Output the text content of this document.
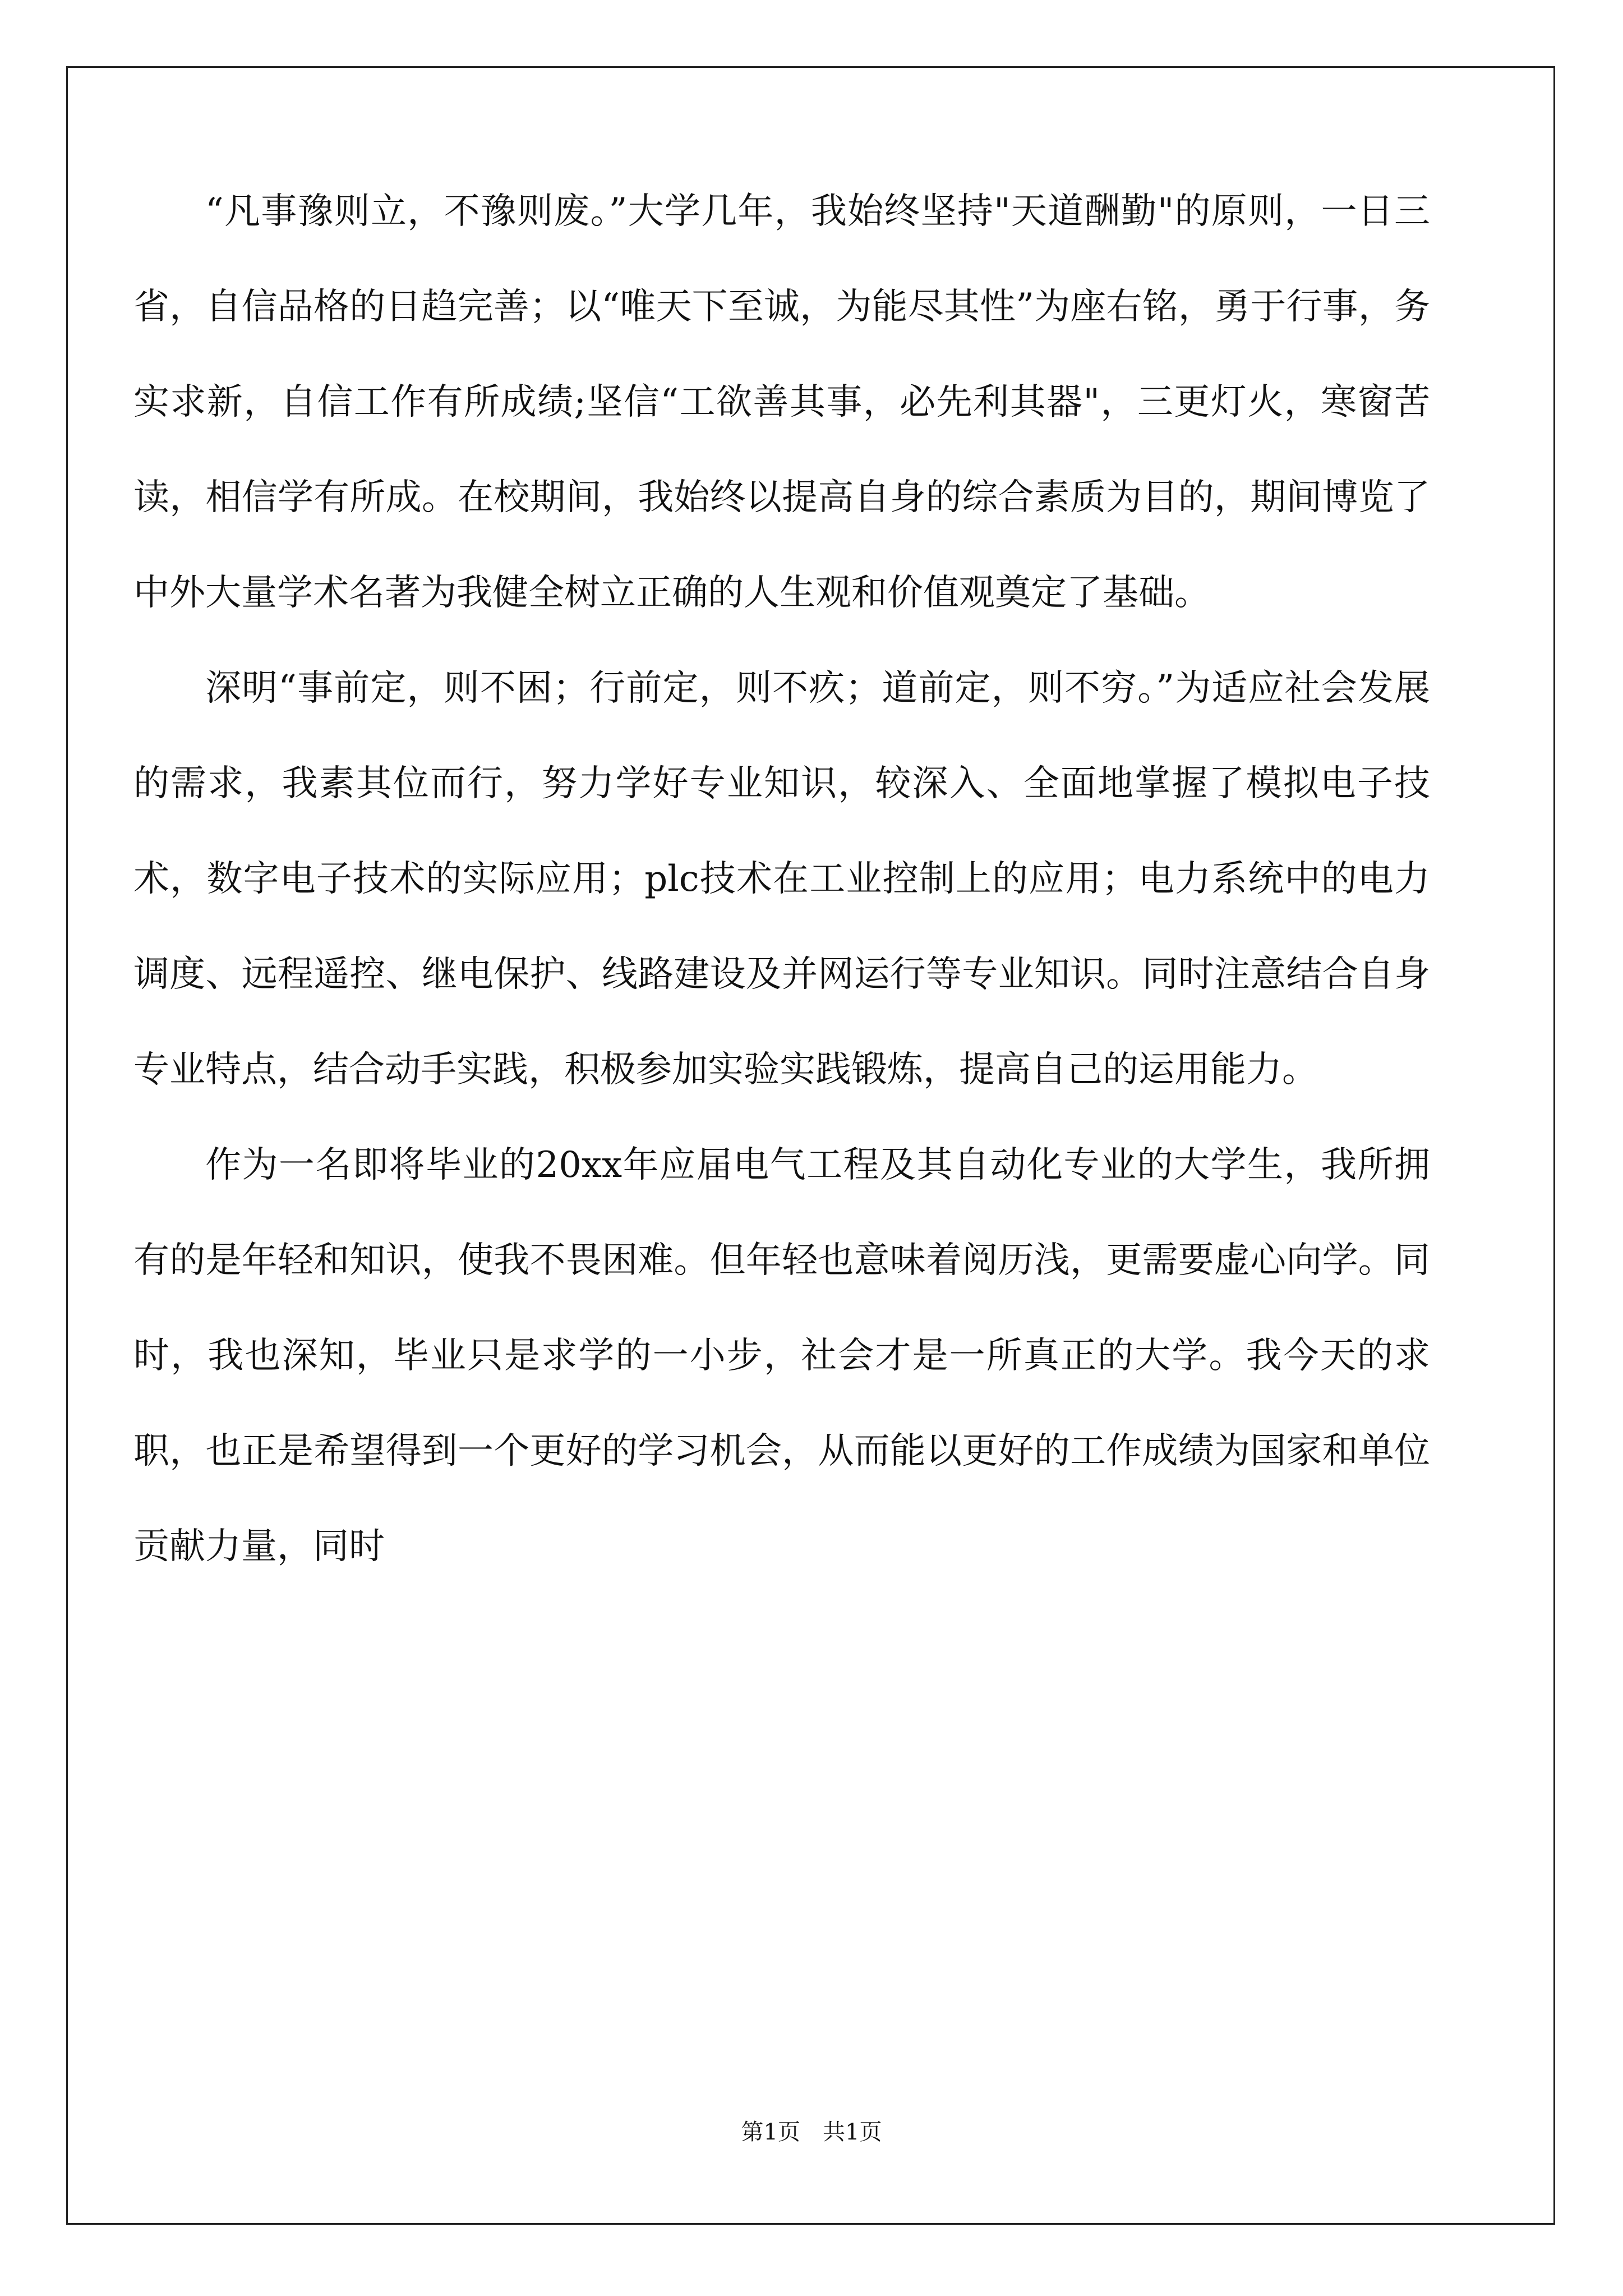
“凡事豫则立，不豫则废。”大学几年，我始终坚持"天道酬勤"的原则，一日三省，自信品格的日趋完善；以“唯天下至诚，为能尽其性”为座右铭，勇于行事，务实求新，自信工作有所成绩;坚信“工欲善其事，必先利其器"，三更灯火，寒窗苦读，相信学有所成。在校期间，我始终以提高自身的综合素质为目的，期间博览了中外大量学术名著为我健全树立正确的人生观和价值观奠定了基础。

深明“事前定，则不困；行前定，则不疚；道前定，则不穷。”为适应社会发展的需求，我素其位而行，努力学好专业知识，较深入、全面地掌握了模拟电子技术，数字电子技术的实际应用；plc技术在工业控制上的应用；电力系统中的电力调度、远程遥控、继电保护、线路建设及并网运行等专业知识。同时注意结合自身专业特点，结合动手实践，积极参加实验实践锻炼，提高自己的运用能力。

作为一名即将毕业的20xx年应届电气工程及其自动化专业的大学生，我所拥有的是年轻和知识，使我不畏困难。但年轻也意味着阅历浅，更需要虚心向学。同时，我也深知，毕业只是求学的一小步，社会才是一所真正的大学。我今天的求职，也正是希望得到一个更好的学习机会，从而能以更好的工作成绩为国家和单位贡献力量，同时

第1页 共1页
